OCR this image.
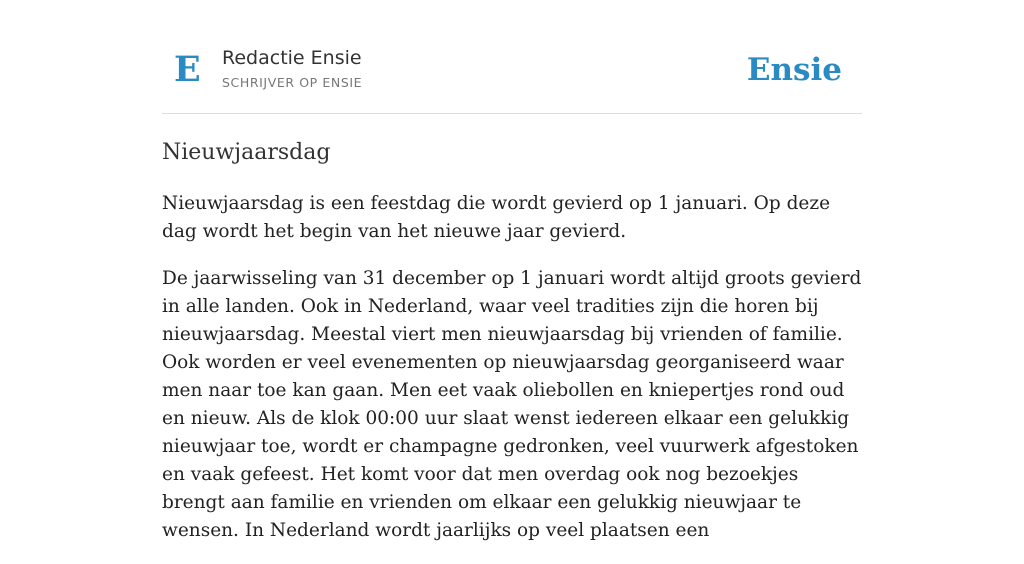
E Redactie Ensie
SCHRIJVER OP ENSIE	Ensie
Nieuwjaarsdag

Nieuwjaarsdag is een feestdag die wordt gevierd op 1 januari. Op deze dag wordt het begin van het nieuwe jaar gevierd.

De jaarwisseling van 31 december op 1 januari wordt altijd groots gevierd in alle landen. Ook in Nederland, waar veel tradities zijn die horen bij nieuwjaarsdag. Meestal viert men nieuwjaarsdag bij vrienden of familie. Ook worden er veel evenementen op nieuwjaarsdag georganiseerd waar men naar toe kan gaan. Men eet vaak oliebollen en kniepertjes rond oud en nieuw. Als de klok 00:00 uur slaat wenst iedereen elkaar een gelukkig nieuwjaar toe, wordt er champagne gedronken, veel vuurwerk afgestoken en vaak gefeest. Het komt voor dat men overdag ook nog bezoekjes brengt aan familie en vrienden om elkaar een gelukkig nieuwjaar te wensen. In Nederland wordt jaarlijks op veel plaatsen een
